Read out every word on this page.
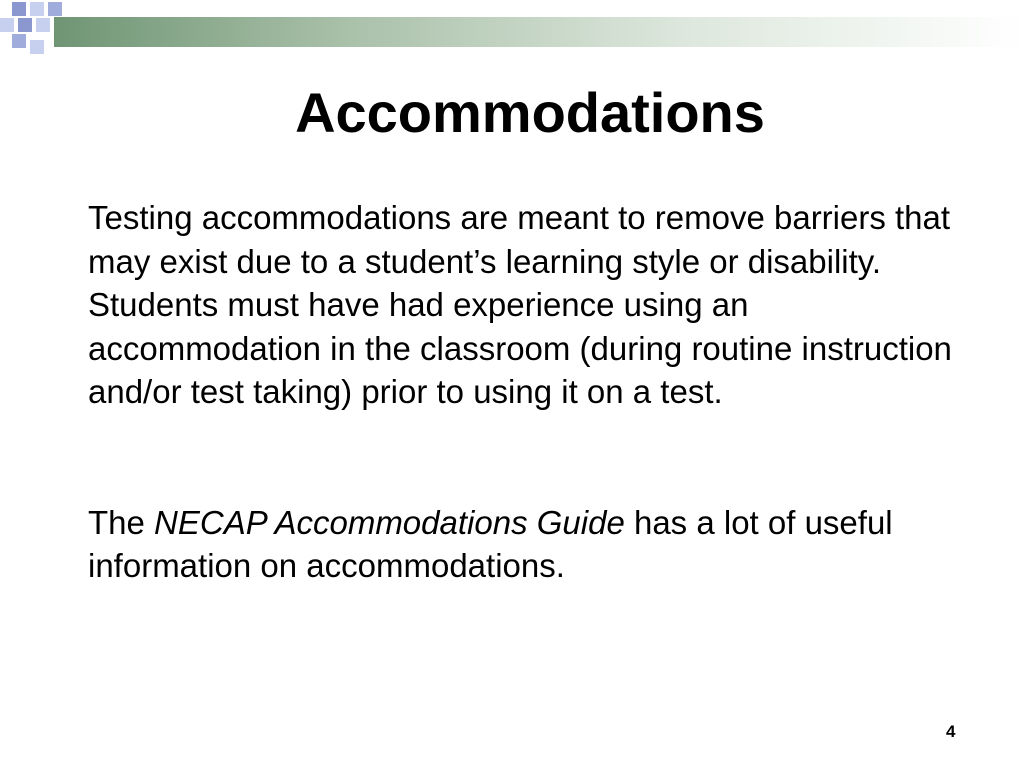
Accommodations

Testing accommodations are meant to remove barriers that may exist due to a student’s learning style or disability. Students must have had experience using an accommodation in the classroom (during routine instruction and/or test taking) prior to using it on a test.

The NECAP Accommodations Guide has a lot of useful information on accommodations.

4
